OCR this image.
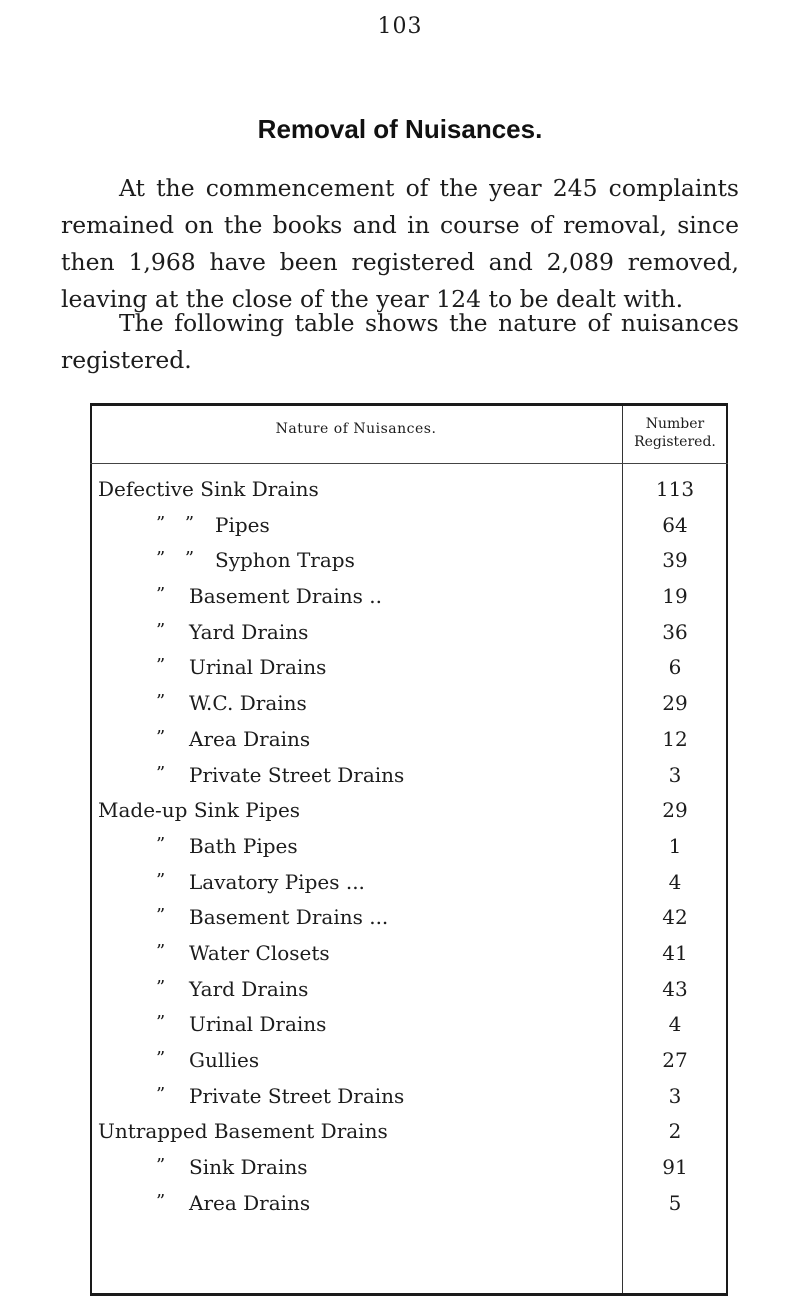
103
Removal of Nuisances.

At the commencement of the year 245 complaints remained on the books and in course of removal, since then 1,968 have been registered and 2,089 removed, leaving at the close of the year 124 to be dealt with.

The following table shows the nature of nuisances registered.

Nature of Nuisances.	Number Registered.
Defective Sink Drains	113
” ” Pipes	64
” ” Syphon Traps	39
” Basement Drains ..	19
” Yard Drains	36
” Urinal Drains	6
” W.C. Drains	29
” Area Drains	12
” Private Street Drains	3
Made-up Sink Pipes	29
” Bath Pipes	1
” Lavatory Pipes ...	4
” Basement Drains ...	42
” Water Closets	41
” Yard Drains	43
” Urinal Drains	4
” Gullies	27
” Private Street Drains	3
Untrapped Basement Drains	2
” Sink Drains	91
” Area Drains	5
